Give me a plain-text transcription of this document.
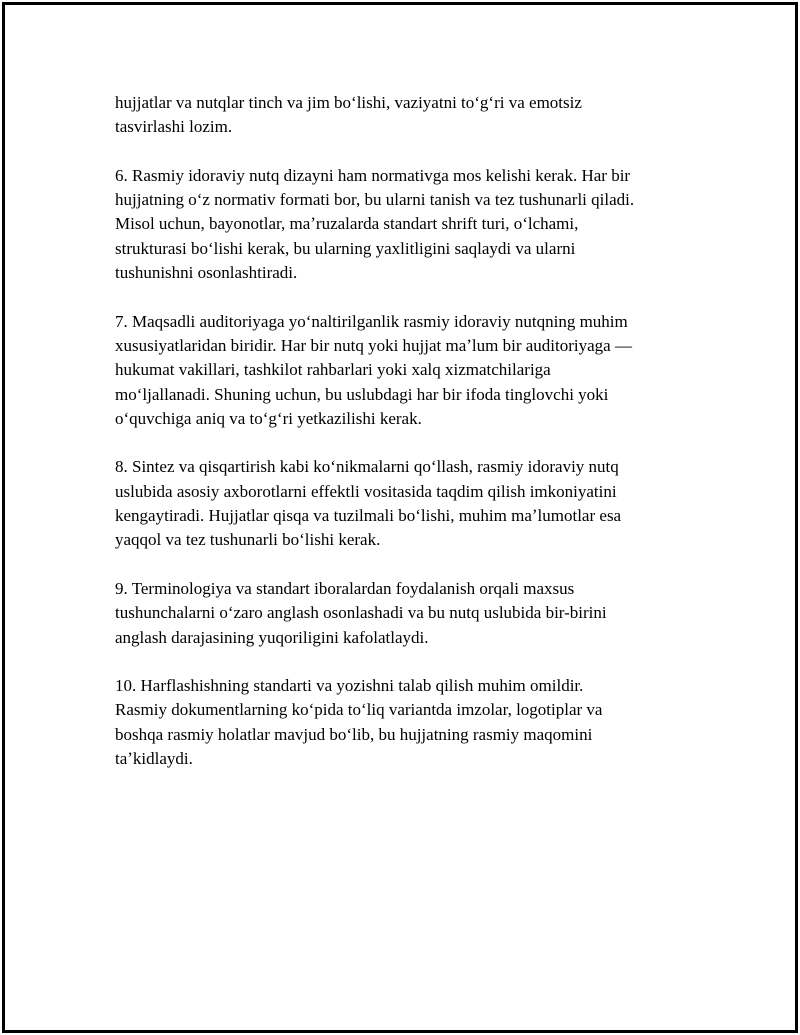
hujjatlar va nutqlar tinch va jim boʻlishi, vaziyatni toʻgʻri va emotsiz
tasvirlashi lozim.

6. Rasmiy idoraviy nutq dizayni ham normativga mos kelishi kerak. Har bir
hujjatning oʻz normativ formati bor, bu ularni tanish va tez tushunarli qiladi.
Misol uchun, bayonotlar, maʼruzalarda standart shrift turi, oʻlchami,
strukturasi boʻlishi kerak, bu ularning yaxlitligini saqlaydi va ularni
tushunishni osonlashtiradi.

7. Maqsadli auditoriyaga yoʻnaltirilganlik rasmiy idoraviy nutqning muhim
xususiyatlaridan biridir. Har bir nutq yoki hujjat maʼlum bir auditoriyaga —
hukumat vakillari, tashkilot rahbarlari yoki xalq xizmatchilariga
moʻljallanadi. Shuning uchun, bu uslubdagi har bir ifoda tinglovchi yoki
oʻquvchiga aniq va toʻgʻri yetkazilishi kerak.

8. Sintez va qisqartirish kabi koʻnikmalarni qoʻllash, rasmiy idoraviy nutq
uslubida asosiy axborotlarni effektli vositasida taqdim qilish imkoniyatini
kengaytiradi. Hujjatlar qisqa va tuzilmali boʻlishi, muhim maʼlumotlar esa
yaqqol va tez tushunarli boʻlishi kerak.

9. Terminologiya va standart iboralardan foydalanish orqali maxsus
tushunchalarni oʻzaro anglash osonlashadi va bu nutq uslubida bir-birini
anglash darajasining yuqoriligini kafolatlaydi.

10. Harflashishning standarti va yozishni talab qilish muhim omildir.
Rasmiy dokumentlarning koʻpida toʻliq variantda imzolar, logotiplar va
boshqa rasmiy holatlar mavjud boʻlib, bu hujjatning rasmiy maqomini
taʼkidlaydi.
